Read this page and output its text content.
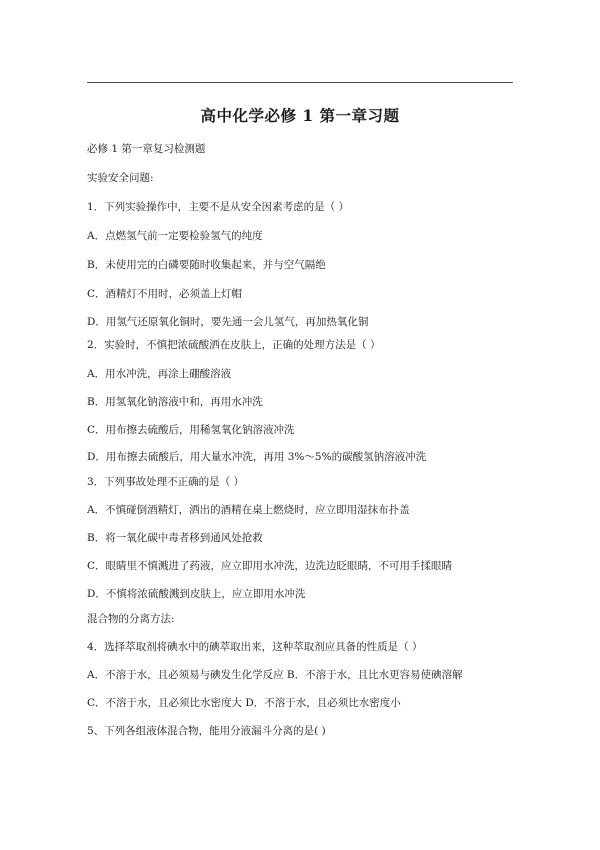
高中化学必修 1 第一章习题
必修 1 第一章复习检测题
实验安全问题:
1．下列实验操作中，主要不是从安全因素考虑的是（ ）
A．点燃氢气前一定要检验氢气的纯度
B．未使用完的白磷要随时收集起来，并与空气隔绝
C．酒精灯不用时，必须盖上灯帽
D．用氢气还原氧化铜时，要先通一会儿氢气，再加热氧化铜
2．实验时，不慎把浓硫酸洒在皮肤上，正确的处理方法是（ ）
A．用水冲洗，再涂上硼酸溶液
B．用氢氧化钠溶液中和，再用水冲洗
C．用布擦去硫酸后，用稀氢氧化钠溶液冲洗
D．用布擦去硫酸后，用大量水冲洗，再用 3%～5%的碳酸氢钠溶液冲洗
3．下列事故处理不正确的是（ ）
A．不慎碰倒酒精灯，洒出的酒精在桌上燃烧时，应立即用湿抹布扑盖
B．将一氧化碳中毒者移到通风处抢救
C．眼睛里不慎溅进了药液，应立即用水冲洗，边洗边眨眼睛，不可用手揉眼睛
D．不慎将浓硫酸溅到皮肤上，应立即用水冲洗
混合物的分离方法:
4．选择萃取剂将碘水中的碘萃取出来，这种萃取剂应具备的性质是（ ）
A．不溶于水，且必须易与碘发生化学反应 B．不溶于水，且比水更容易使碘溶解
C．不溶于水，且必须比水密度大 D．不溶于水，且必须比水密度小
5、下列各组液体混合物，能用分液漏斗分离的是( )
